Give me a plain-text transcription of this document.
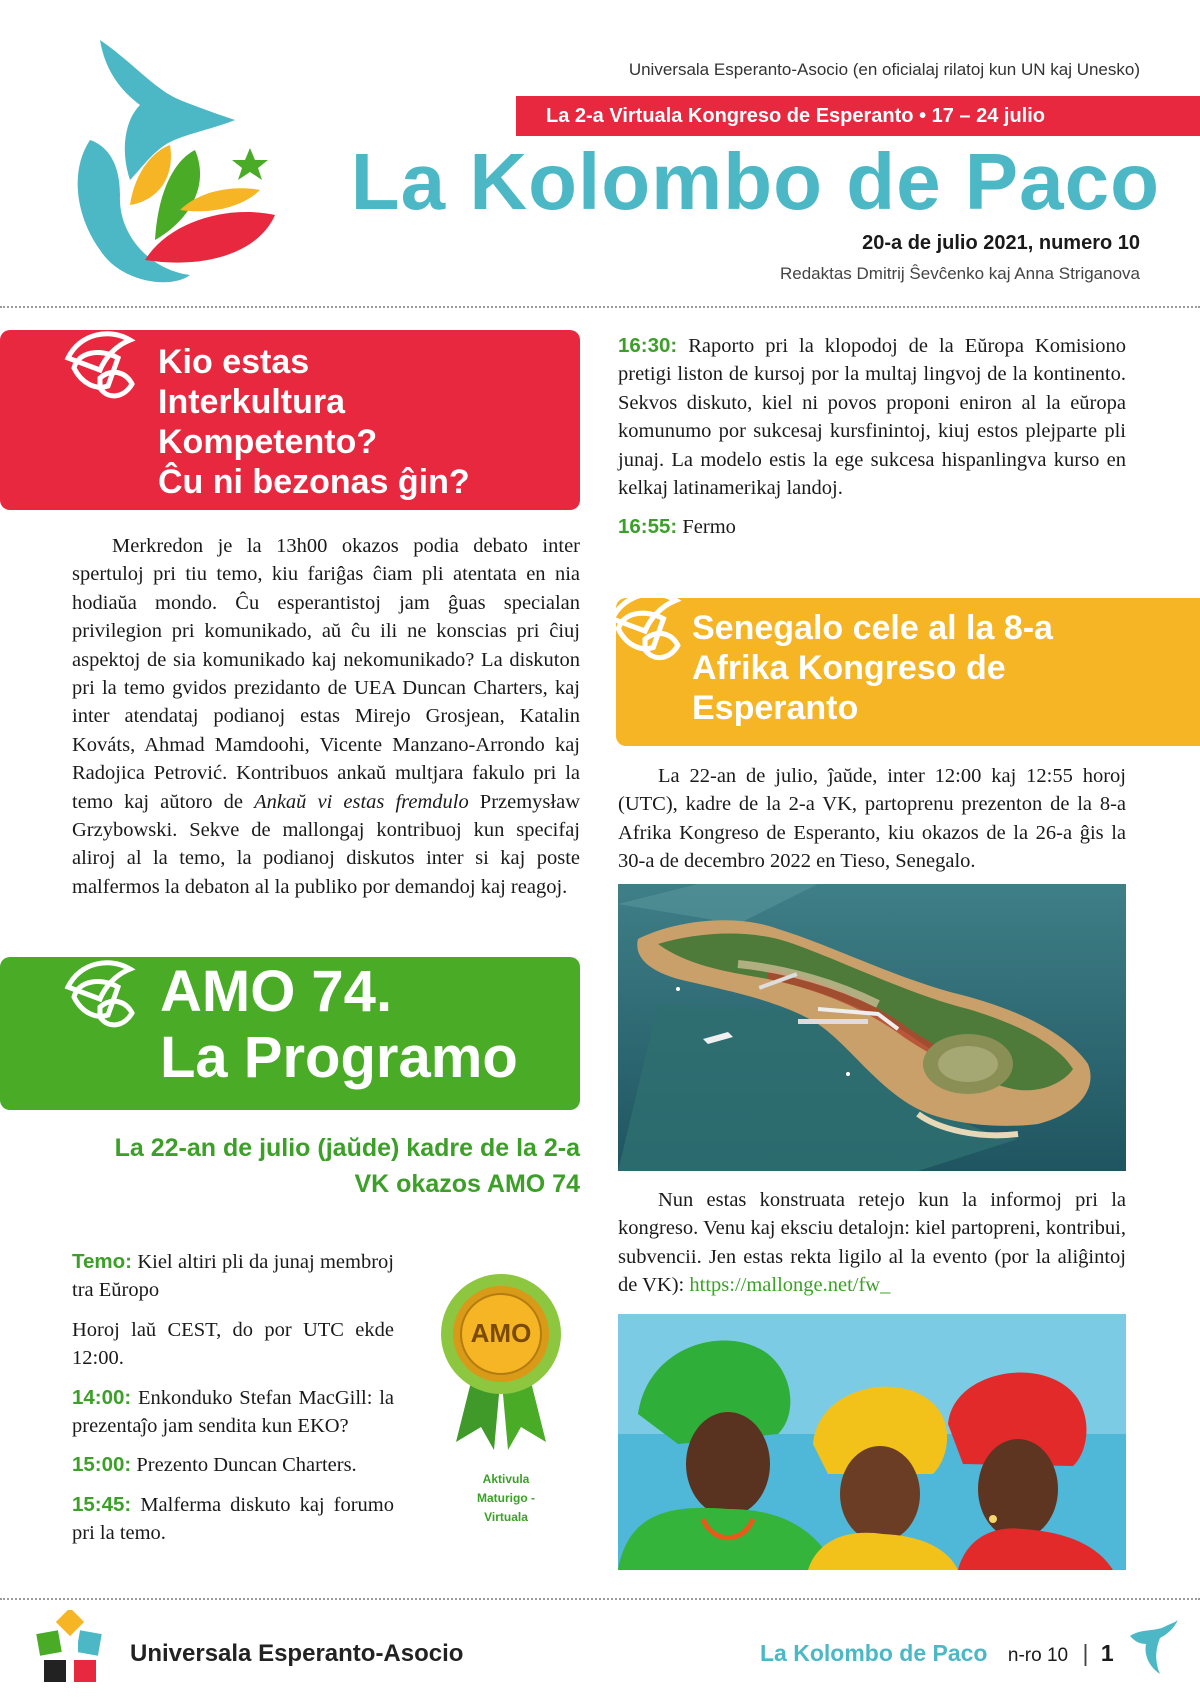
Universala Esperanto-Asocio (en oficialaj rilatoj kun UN kaj Unesko)
La 2-a Virtuala Kongreso de Esperanto • 17 – 24 julio
La Kolombo de Paco
20-a de julio 2021, numero 10
Redaktas Dmitrij Ŝevĉenko kaj Anna Striganova
Kio estas
Interkultura
Kompetento?
Ĉu ni bezonas ĝin?

Merkredon je la 13h00 okazos podia debato inter spertuloj pri tiu temo, kiu fariĝas ĉiam pli atentata en nia hodiaŭa mondo. Ĉu esperantistoj jam ĝuas specialan privilegion pri komunikado, aŭ ĉu ili ne konscias pri ĉiuj aspektoj de sia komunikado kaj nekomunikado? La diskuton pri la temo gvidos prezidanto de UEA Duncan Charters, kaj inter atendataj podianoj estas Mirejo Grosjean, Katalin Kováts, Ahmad Mamdoohi, Vicente Manzano-Arrondo kaj Radojica Petrović. Kontribuos ankaŭ multjara fakulo pri la temo kaj aŭtoro de Ankaŭ vi estas fremdulo Przemysław Grzybowski. Sekve de mallongaj kontribuoj kun specifaj aliroj al la temo, la podianoj diskutos inter si kaj poste malfermos la debaton al la publiko por demandoj kaj reagoj.

AMO 74.
La Programo
La 22-an de julio (jaŭde) kadre de la 2-a VK okazos AMO 74

Temo: Kiel altiri pli da junaj membroj tra Eŭropo

Horoj laŭ CEST, do por UTC ekde 12:00.

14:00: Enkonduko Stefan MacGill: la prezentaĵo jam sendita kun EKO?

15:00: Prezento Duncan Charters.

15:45: Malferma diskuto kaj forumo pri la temo.

AMO
Aktivula
Maturigo -
Virtuala

16:30: Raporto pri la klopodoj de la Eŭropa Komisiono pretigi liston de kursoj por la multaj lingvoj de la kontinento. Sekvos diskuto, kiel ni povos proponi eniron al la eŭropa komunumo por sukcesaj kursfinintoj, kiuj estos plejparte pli junaj. La modelo estis la ege sukcesa hispanlingva kurso en kelkaj latinamerikaj landoj.

16:55: Fermo

Senegalo cele al la 8-a
Afrika Kongreso de
Esperanto

La 22-an de julio, ĵaŭde, inter 12:00 kaj 12:55 horoj (UTC), kadre de la 2-a VK, partoprenu prezenton de la 8-a Afrika Kongreso de Esperanto, kiu okazos de la 26-a ĝis la 30-a de decembro 2022 en Tieso, Senegalo.

Nun estas konstruata retejo kun la informoj pri la kongreso. Venu kaj eksciu detalojn: kiel partopreni, kontribui, subvencii. Jen estas rekta ligilo al la evento (por la aliĝintoj de VK): https://mallonge.net/fw_

Universala Esperanto-Asocio	La Kolombo de Paco n-ro 10 | 1
